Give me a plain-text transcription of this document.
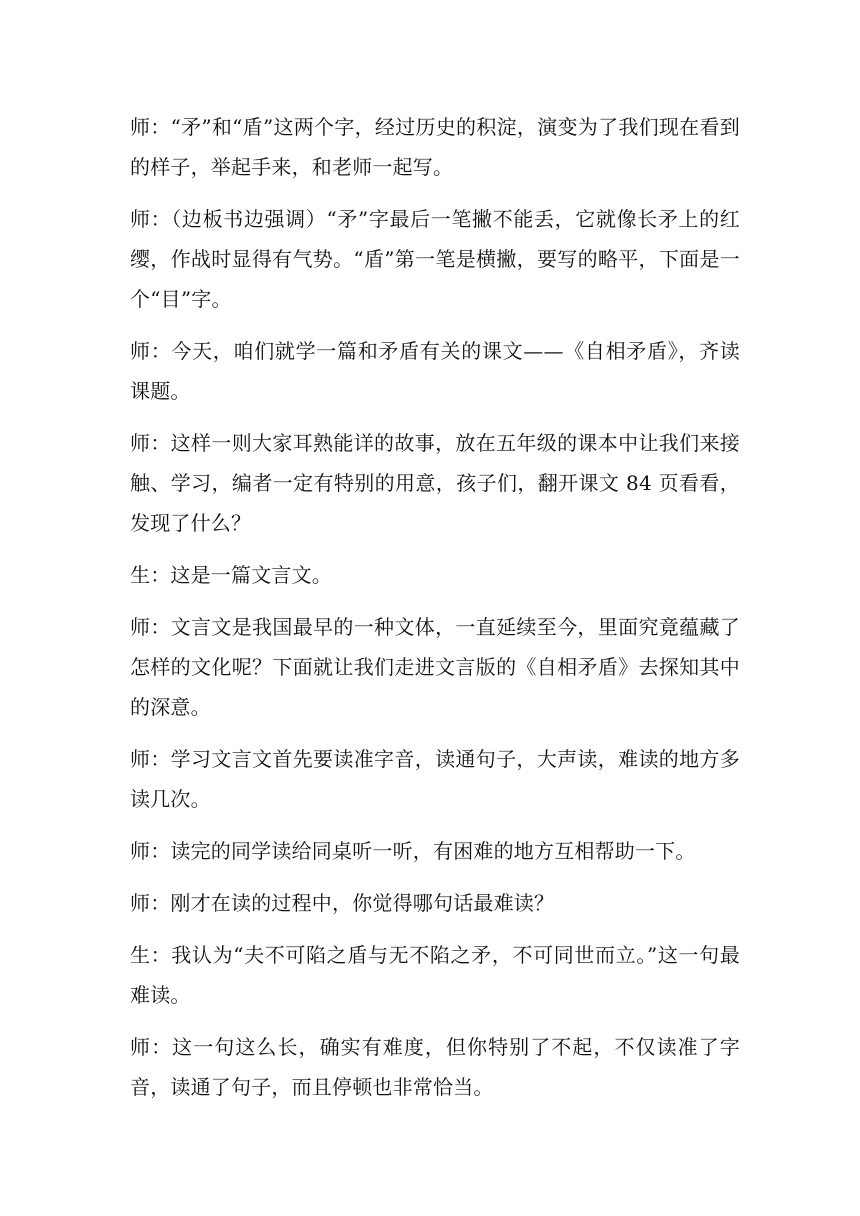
师：“矛”和“盾”这两个字，经过历史的积淀，演变为了我们现在看到的样子，举起手来，和老师一起写。

师：（边板书边强调）“矛”字最后一笔撇不能丢，它就像长矛上的红缨，作战时显得有气势。“盾”第一笔是横撇，要写的略平，下面是一个“目”字。

师：今天，咱们就学一篇和矛盾有关的课文——《自相矛盾》，齐读课题。

师：这样一则大家耳熟能详的故事，放在五年级的课本中让我们来接触、学习，编者一定有特别的用意，孩子们，翻开课文 84 页看看，发现了什么？

生：这是一篇文言文。

师：文言文是我国最早的一种文体，一直延续至今，里面究竟蕴藏了怎样的文化呢？下面就让我们走进文言版的《自相矛盾》去探知其中的深意。

师：学习文言文首先要读准字音，读通句子，大声读，难读的地方多读几次。

师：读完的同学读给同桌听一听，有困难的地方互相帮助一下。

师：刚才在读的过程中，你觉得哪句话最难读？

生：我认为“夫不可陷之盾与无不陷之矛，不可同世而立。”这一句最难读。

师：这一句这么长，确实有难度，但你特别了不起，不仅读准了字音，读通了句子，而且停顿也非常恰当。
